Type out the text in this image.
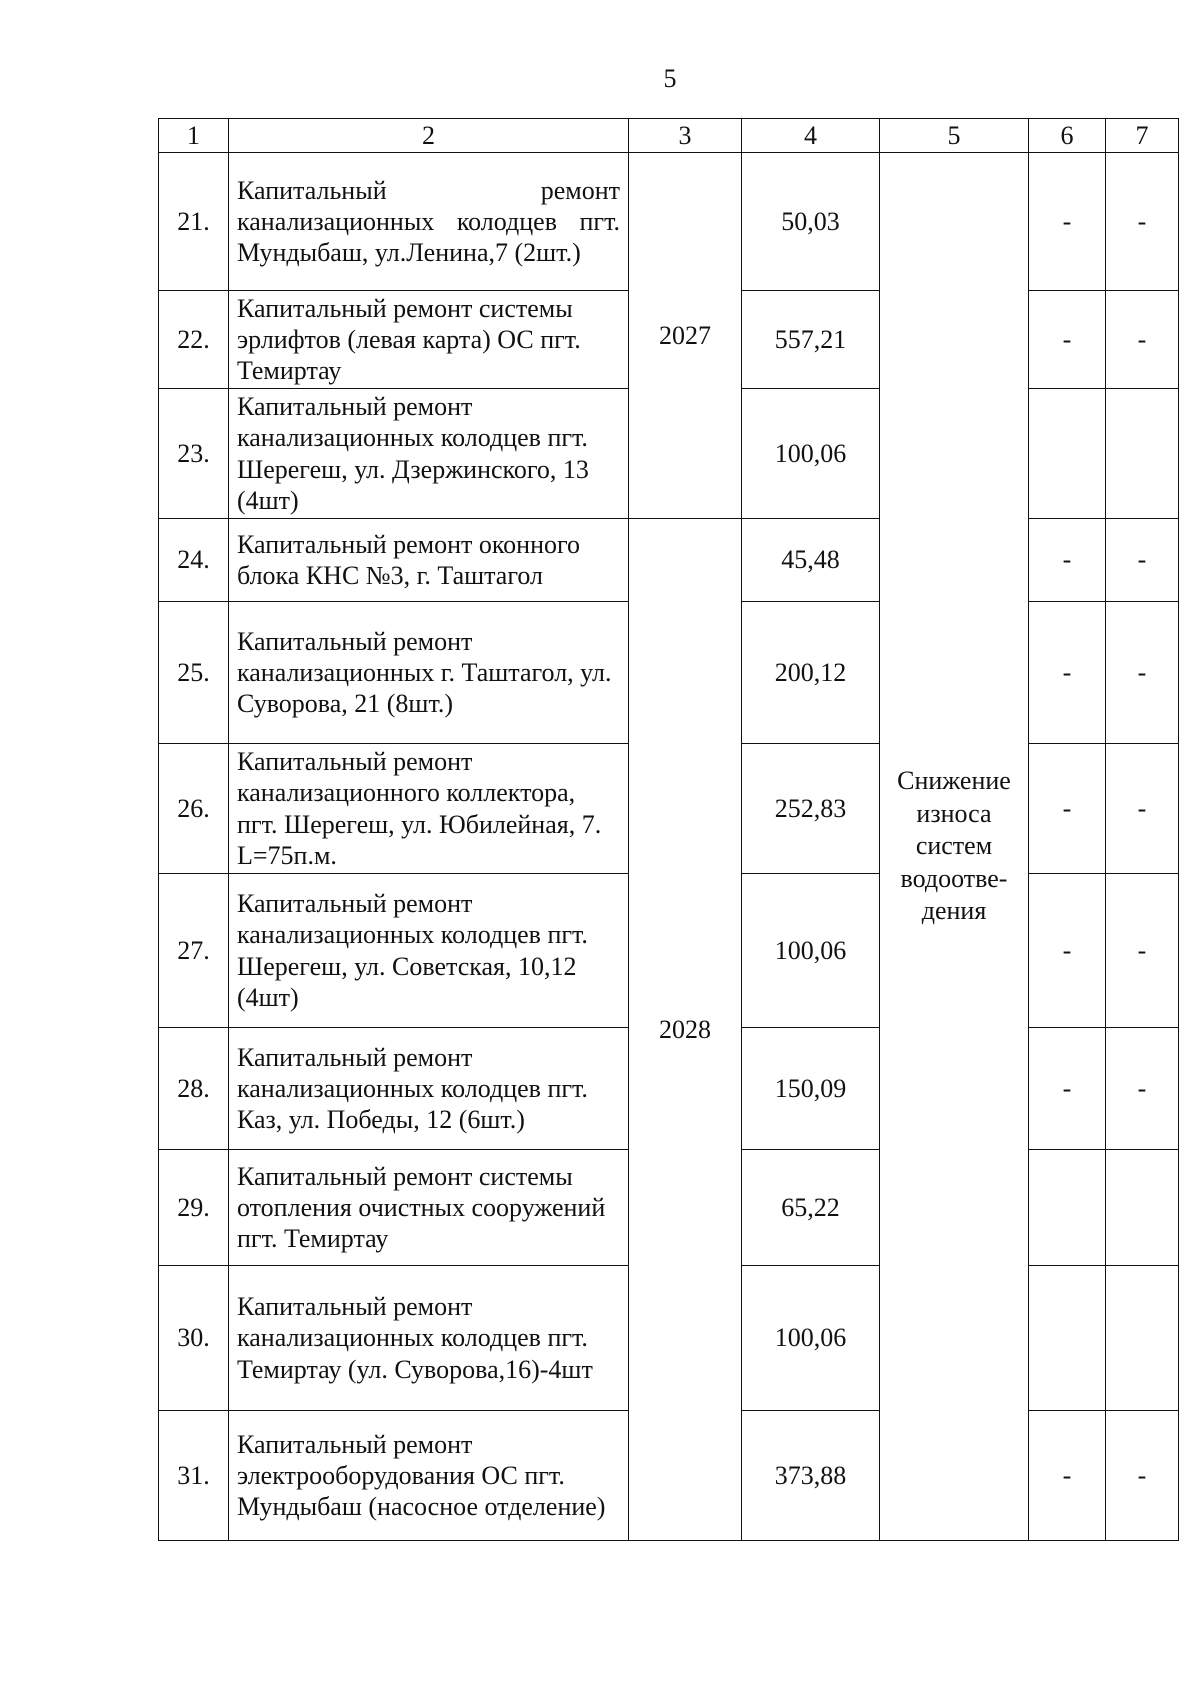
5
1	2	3	4	5	6	7
21.	Капитальный ремонт канализационных колодцев пгт. Мундыбаш, ул.Ленина,7 (2шт.)	2027	50,03	Снижение износа систем водоотве-дения	-	-
22.	Капитальный ремонт системы эрлифтов (левая карта) ОС пгт. Темиртау		557,21		-	-
23.	Капитальный ремонт канализационных колодцев пгт. Шерегеш, ул. Дзержинского, 13 (4шт)		100,06			
24.	Капитальный ремонт оконного блока КНС №3, г. Таштагол	2028	45,48		-	-
25.	Капитальный ремонт канализационных г. Таштагол, ул. Суворова, 21 (8шт.)		200,12		-	-
26.	Капитальный ремонт канализационного коллектора, пгт. Шерегеш, ул. Юбилейная, 7. L=75п.м.		252,83		-	-
27.	Капитальный ремонт канализационных колодцев пгт. Шерегеш, ул. Советская, 10,12 (4шт)		100,06		-	-
28.	Капитальный ремонт канализационных колодцев пгт. Каз, ул. Победы, 12 (6шт.)		150,09		-	-
29.	Капитальный ремонт системы отопления очистных сооружений пгт. Темиртау		65,22			
30.	Капитальный ремонт канализационных колодцев пгт. Темиртау (ул. Суворова,16)-4шт		100,06			
31.	Капитальный ремонт электрооборудования ОС пгт. Мундыбаш (насосное отделение)		373,88		-	-
